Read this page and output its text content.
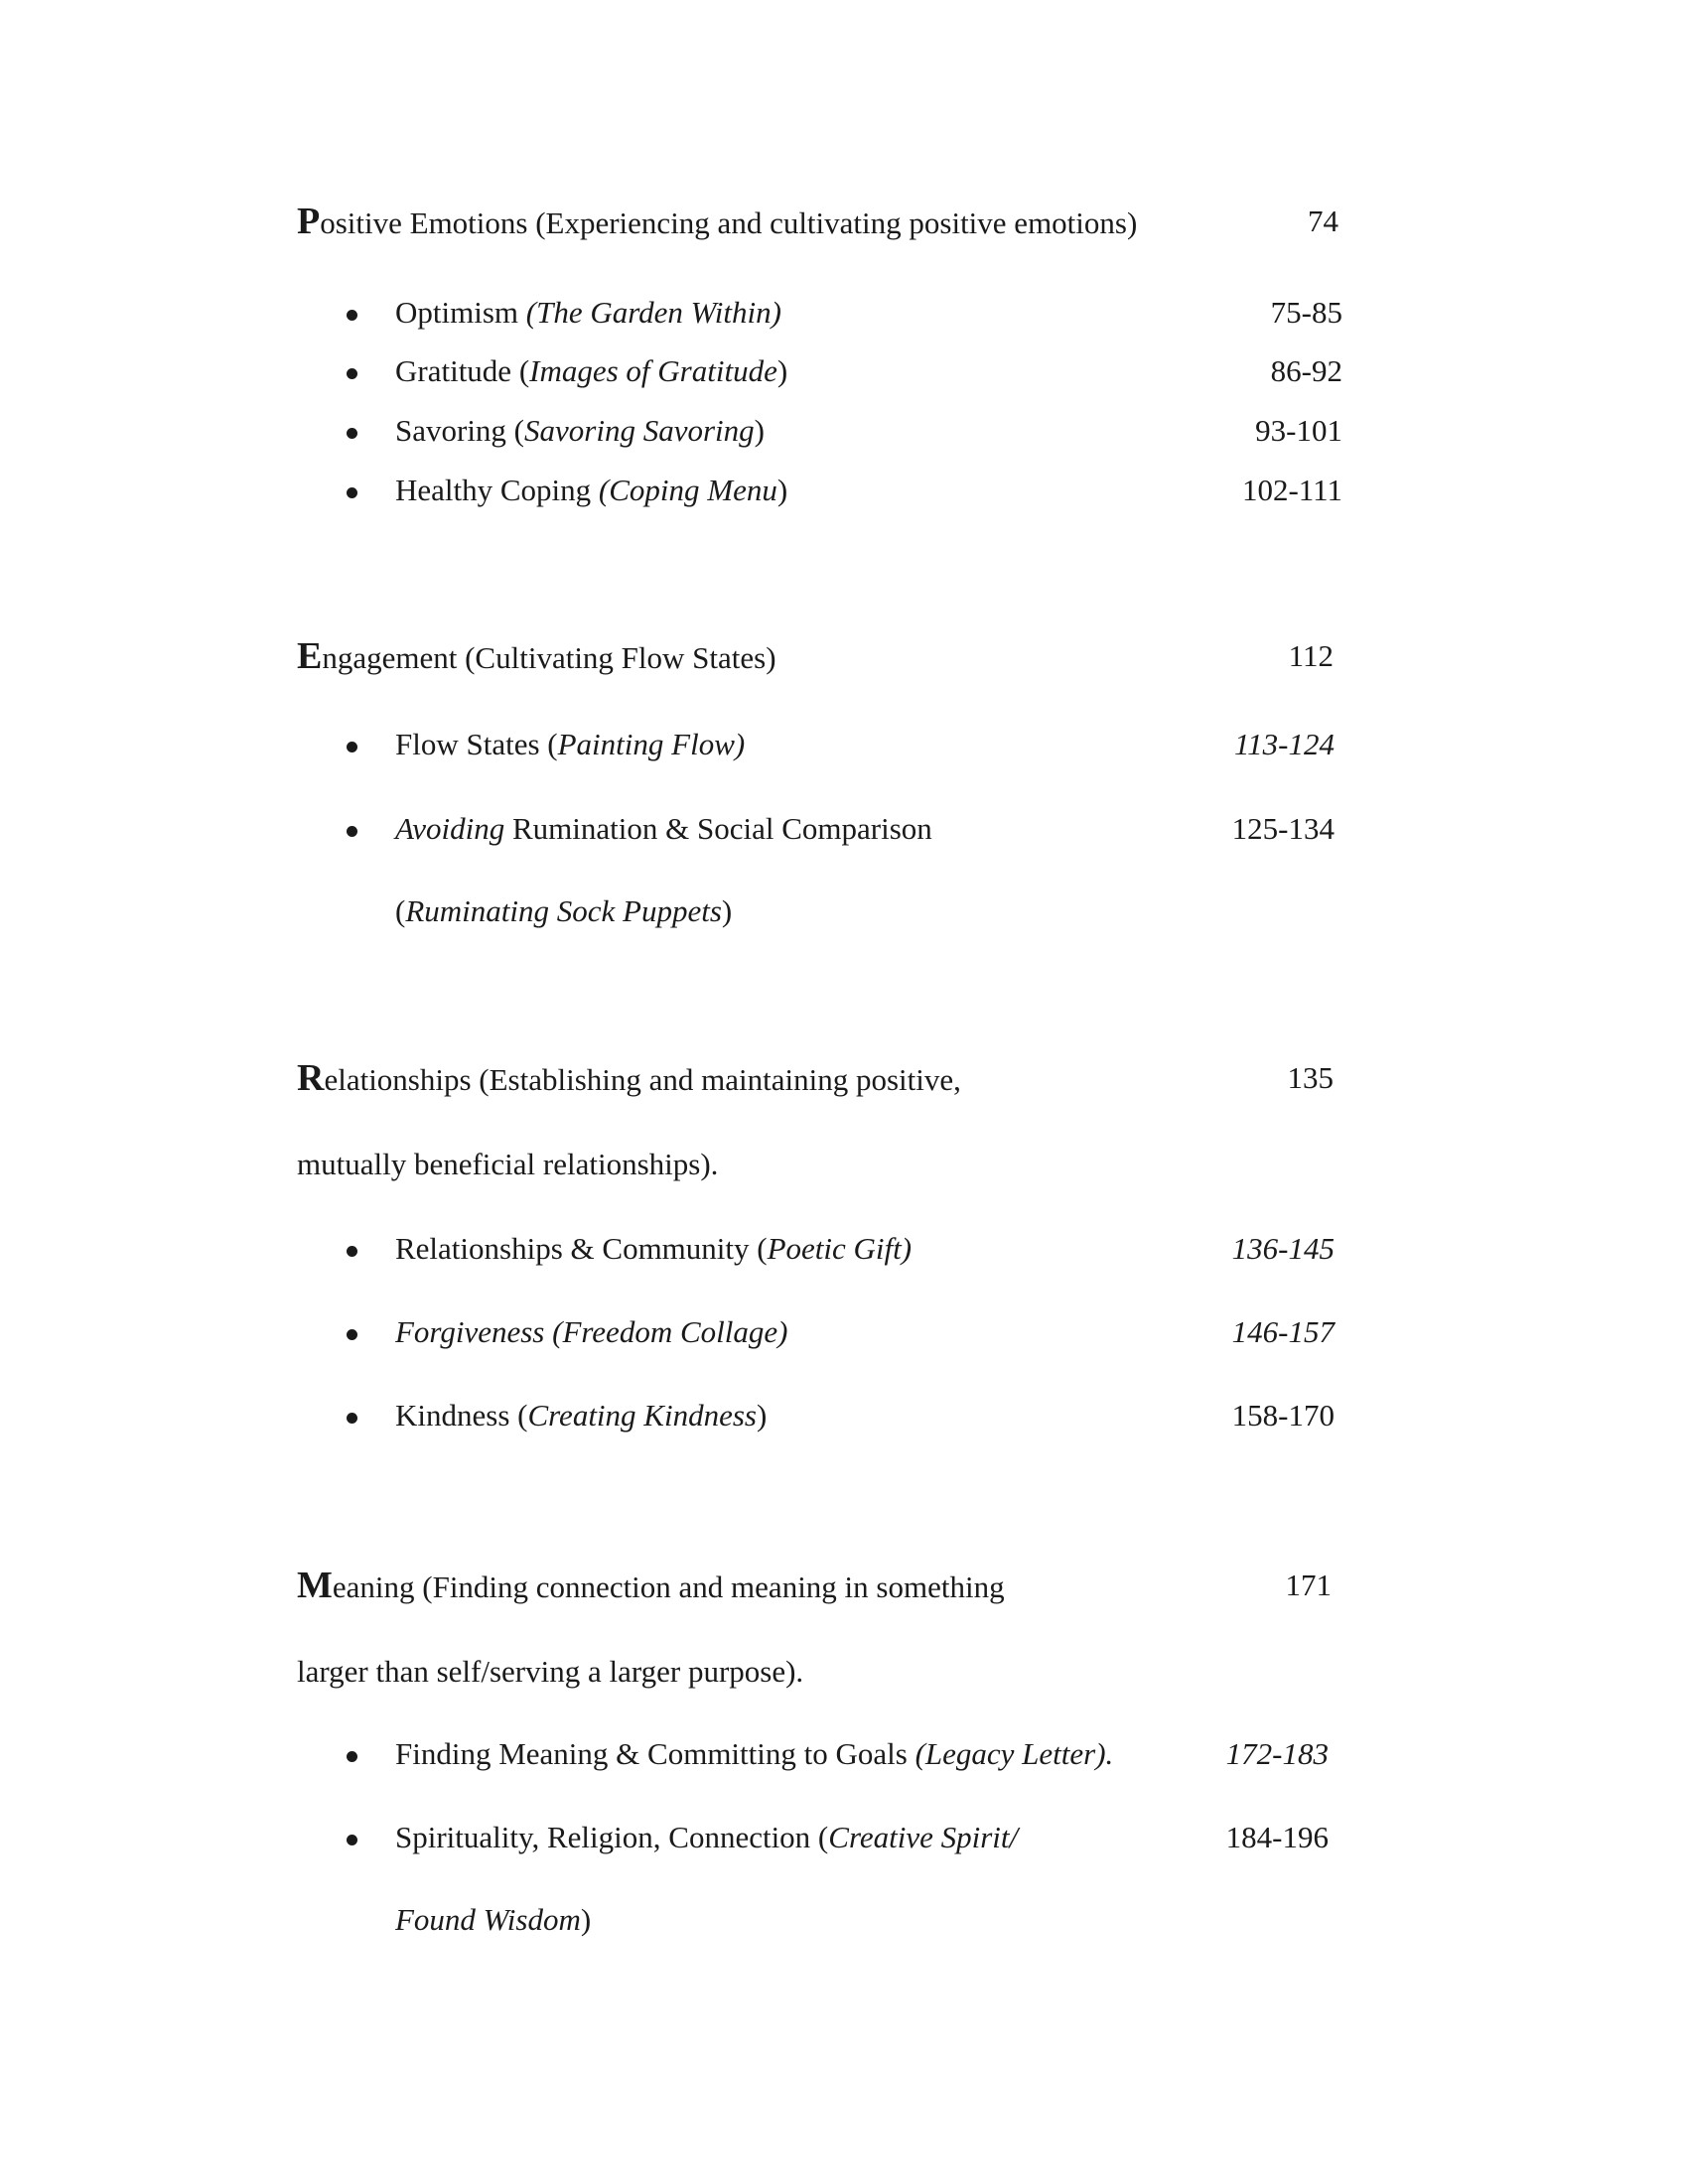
Positive Emotions (Experiencing and cultivating positive emotions)	74
Optimism (The Garden Within)	75-85
Gratitude (Images of Gratitude)	86-92
Savoring (Savoring Savoring)	93-101
Healthy Coping (Coping Menu)	102-111
Engagement (Cultivating Flow States)	112
Flow States (Painting Flow)	113-124
Avoiding Rumination & Social Comparison	125-134
(Ruminating Sock Puppets)
Relationships (Establishing and maintaining positive,	135
mutually beneficial relationships).
Relationships & Community (Poetic Gift)	136-145
Forgiveness (Freedom Collage)	146-157
Kindness (Creating Kindness)	158-170
Meaning (Finding connection and meaning in something	171
larger than self/serving a larger purpose).
Finding Meaning & Committing to Goals (Legacy Letter).	172-183
Spirituality, Religion, Connection (Creative Spirit/	184-196
Found Wisdom)
